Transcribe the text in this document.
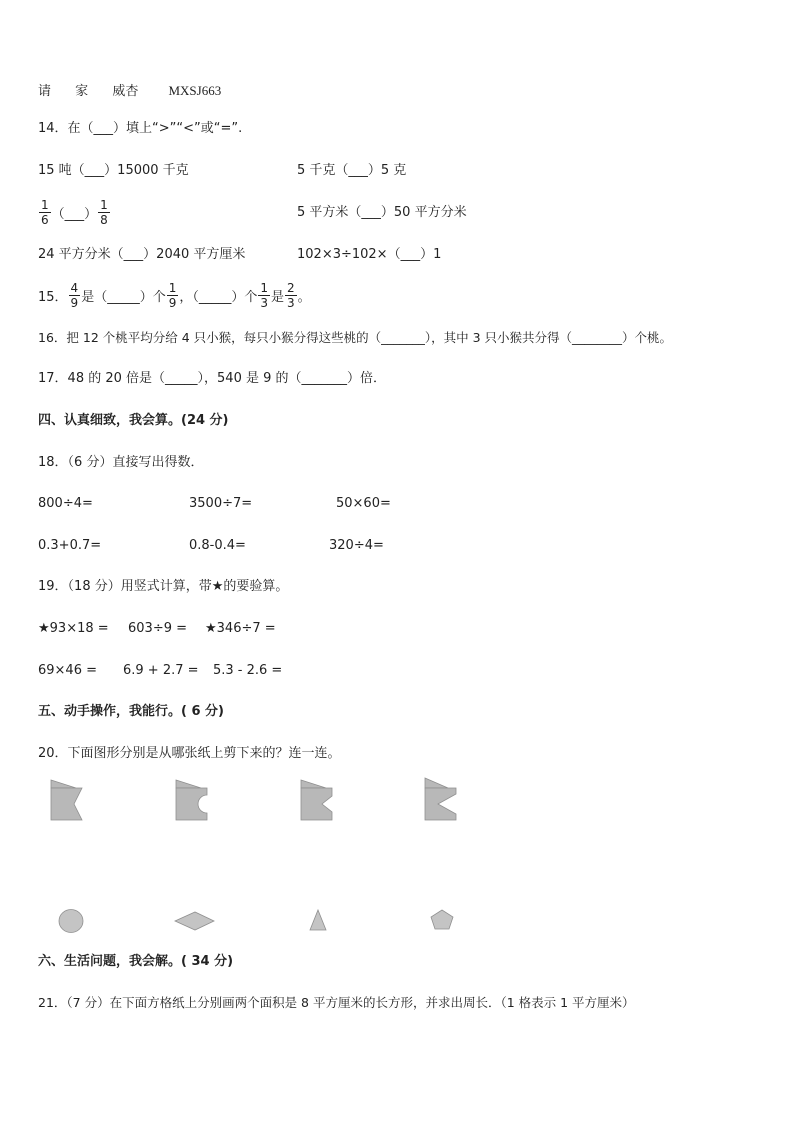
请 家 威杏 MXSJ663
14．在（___）填上“>”“<”或“=”.
15 吨（___）15000 千克	5 千克（___）5 克
$\frac{1}{6}$ （___） $\frac{1}{8}$	5 平方米（___）50 平方分米
24 平方分米（___）2040 平方厘米	102×3÷102×（___）1
15． $\frac{4}{9}$ 是（_____）个 $\frac{1}{9}$ ，（_____）个 $\frac{1}{3}$ 是 $\frac{2}{3}$ 。
16．把 12 个桃平均分给 4 只小猴，每只小猴分得这些桃的（_______），其中 3 只小猴共分得（________）个桃。
17．48 的 20 倍是（_____），540 是 9 的（_______）倍．
四、认真细致，我会算。(24 分)
18．（6 分）直接写出得数．
800÷4=	3500÷7=	50×60=
0.3+0.7=	0.8-0.4=	320÷4=
19．（18 分）用竖式计算，带★的要验算。
★93×18 = 603÷9 = ★346÷7 =
69×46 = 6.9 + 2.7 = 5.3 - 2.6 =
五、动手操作，我能行。( 6 分)
20．下面图形分别是从哪张纸上剪下来的？连一连。
六、生活问题，我会解。( 34 分)
21．（7 分）在下面方格纸上分别画两个面积是 8 平方厘米的长方形，并求出周长．（1 格表示 1 平方厘米）
